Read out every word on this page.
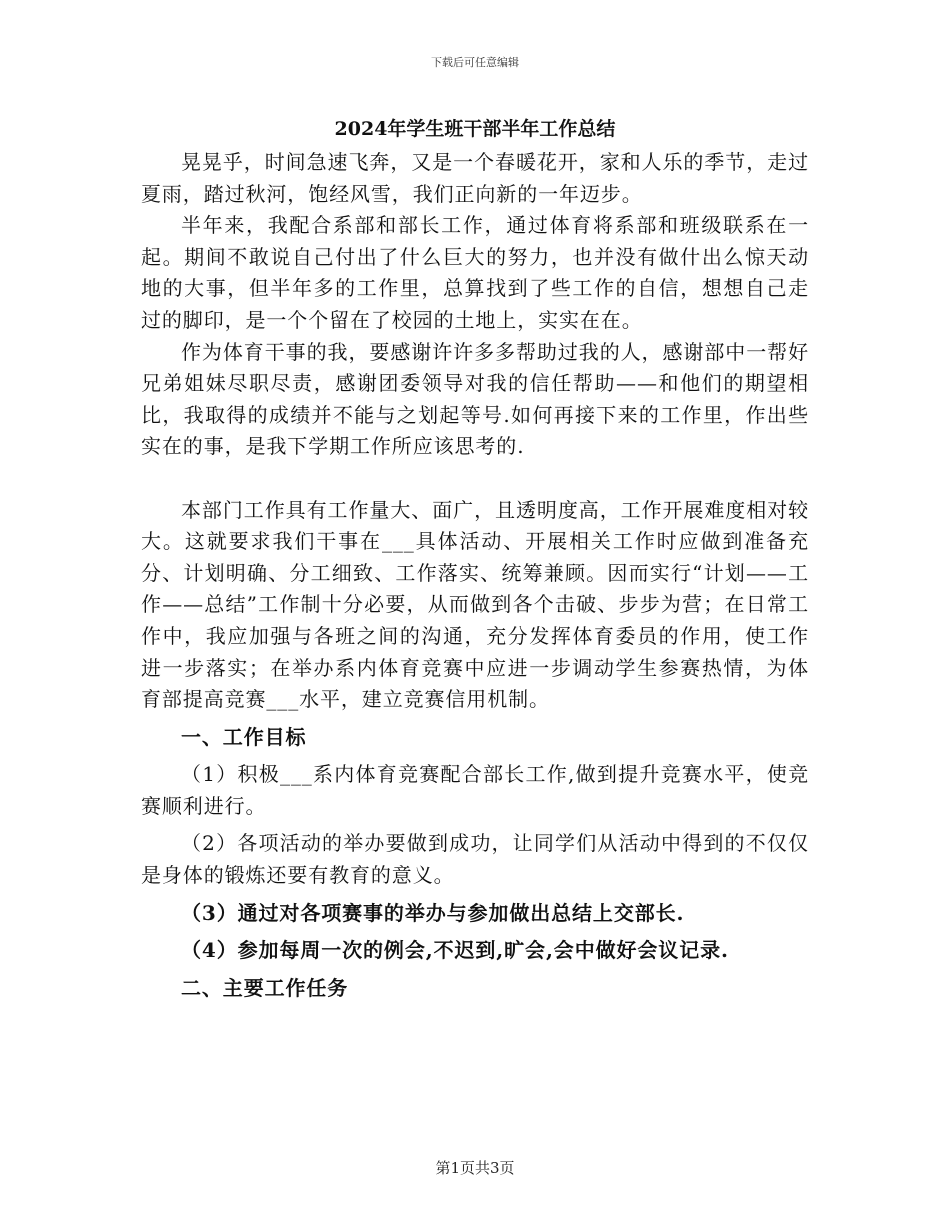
下载后可任意编辑
2024年学生班干部半年工作总结

晃晃乎，时间急速飞奔，又是一个春暖花开，家和人乐的季节，走过夏雨，踏过秋河，饱经风雪，我们正向新的一年迈步。

半年来，我配合系部和部长工作，通过体育将系部和班级联系在一起。期间不敢说自己付出了什么巨大的努力，也并没有做什出么惊天动地的大事，但半年多的工作里，总算找到了些工作的自信，想想自己走过的脚印，是一个个留在了校园的土地上，实实在在。

作为体育干事的我，要感谢许许多多帮助过我的人，感谢部中一帮好兄弟姐妹尽职尽责，感谢团委领导对我的信任帮助——和他们的期望相比，我取得的成绩并不能与之划起等号.如何再接下来的工作里，作出些实在的事，是我下学期工作所应该思考的.

本部门工作具有工作量大、面广，且透明度高，工作开展难度相对较大。这就要求我们干事在___具体活动、开展相关工作时应做到准备充分、计划明确、分工细致、工作落实、统筹兼顾。因而实行“计划——工作——总结”工作制十分必要，从而做到各个击破、步步为营；在日常工作中，我应加强与各班之间的沟通，充分发挥体育委员的作用，使工作进一步落实；在举办系内体育竞赛中应进一步调动学生参赛热情，为体育部提高竞赛___水平，建立竞赛信用机制。

一、工作目标

（1）积极___系内体育竞赛配合部长工作,做到提升竞赛水平，使竞赛顺利进行。

（2）各项活动的举办要做到成功，让同学们从活动中得到的不仅仅是身体的锻炼还要有教育的意义。

（3）通过对各项赛事的举办与参加做出总结上交部长.

（4）参加每周一次的例会,不迟到,旷会,会中做好会议记录.

二、主要工作任务

第1页共3页
